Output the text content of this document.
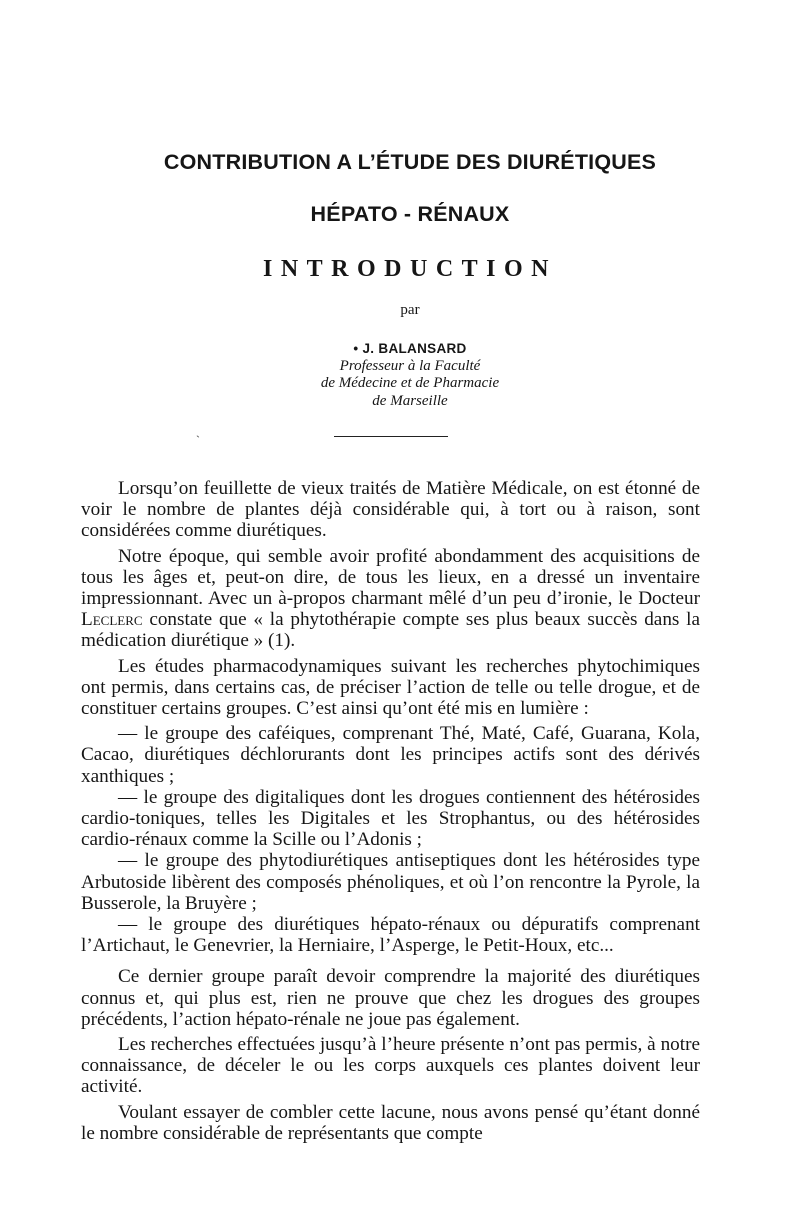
CONTRIBUTION A L’ÉTUDE DES DIURÉTIQUES
HÉPATO - RÉNAUX
INTRODUCTION
par
• J. BALANSARD
Professeur à la Faculté
de Médecine et de Pharmacie
de Marseille
ˎ

Lorsqu’on feuillette de vieux traités de Matière Médicale, on est étonné de voir le nombre de plantes déjà considérable qui, à tort ou à raison, sont considérées comme diurétiques.

Notre époque, qui semble avoir profité abondamment des acquisitions de tous les âges et, peut-on dire, de tous les lieux, en a dressé un inventaire impressionnant. Avec un à-propos charmant mêlé d’un peu d’ironie, le Docteur Leclerc constate que « la phytothérapie compte ses plus beaux succès dans la médication diurétique » (1).

Les études pharmacodynamiques suivant les recherches phytochimiques ont permis, dans certains cas, de préciser l’action de telle ou telle drogue, et de constituer certains groupes. C’est ainsi qu’ont été mis en lumière :

— le groupe des caféiques, comprenant Thé, Maté, Café, Guarana, Kola, Cacao, diurétiques déchlorurants dont les principes actifs sont des dérivés xanthiques ;

— le groupe des digitaliques dont les drogues contiennent des hétérosides cardio-toniques, telles les Digitales et les Strophantus, ou des hétérosides cardio-rénaux comme la Scille ou l’Adonis ;

— le groupe des phytodiurétiques antiseptiques dont les hétérosides type Arbutoside libèrent des composés phénoliques, et où l’on rencontre la Pyrole, la Busserole, la Bruyère ;

— le groupe des diurétiques hépato-rénaux ou dépuratifs comprenant l’Artichaut, le Genevrier, la Herniaire, l’Asperge, le Petit-Houx, etc...

Ce dernier groupe paraît devoir comprendre la majorité des diurétiques connus et, qui plus est, rien ne prouve que chez les drogues des groupes précédents, l’action hépato-rénale ne joue pas également.

Les recherches effectuées jusqu’à l’heure présente n’ont pas permis, à notre connaissance, de déceler le ou les corps auxquels ces plantes doivent leur activité.

Voulant essayer de combler cette lacune, nous avons pensé qu’étant donné le nombre considérable de représentants que compte
